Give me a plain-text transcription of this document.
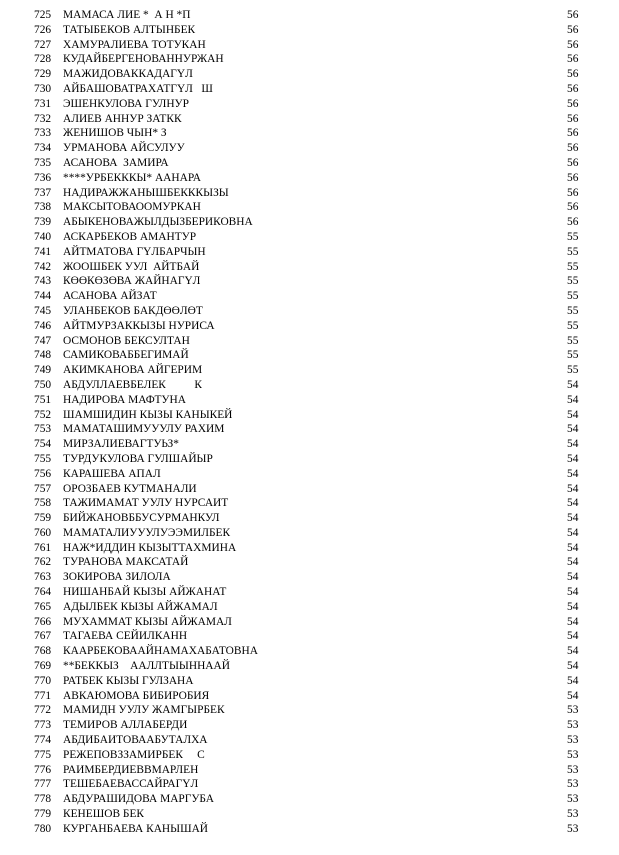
725 МАМАСА ЛИЕ *  А Н *П	56
726 ТАТЫБЕКОВ АЛТЫНБЕК	56
727 ХАМУРАЛИЕВА ТОТУКАН	56
728 КУДАЙБЕРГЕНОВАННУРЖАН	56
729 МАЖИДОВАККАДАГҮЛ	56
730 АЙБАШОВАТРАХАТГҮЛ   Ш	56
731 ЭШЕНКУЛОВА ГУЛНУР	56
732 АЛИЕВ АННУР ЗАТКК	56
733 ЖЕНИШОВ ЧЫН* З	56
734 УРМАНОВА АЙСУЛУУ	56
735 АСАНОВА  ЗАМИРА	56
736 ****УРБЕКККЫ* ААНАРА	56
737 НАДИРАЖЖАНЫШБЕКККЫЗЫ	56
738 МАКСЫТОВАООМУРКАН	56
739 АБЫКЕНОВАЖЫЛДЫЗБЕРИКОВНА	56
740 АСКАРБЕКОВ АМАНТУР	55
741 АЙТМАТОВА ГҮЛБАРЧЫН	55
742 ЖООШБЕК УУЛ  АЙТБАЙ	55
743 КӨӨКӨЗӨВА ЖАЙНАГҮЛ	55
744 АСАНОВА АЙЗАТ	55
745 УЛАНБЕКОВ БАКДӨӨЛӨТ	55
746 АЙТМУРЗАККЫЗЫ НУРИСА	55
747 ОСМОНОВ БЕКСУЛТАН	55
748 САМИКОВАББЕГИМАЙ	55
749 АКИМКАНОВА АЙГЕРИМ	55
750 АБДУЛЛАЕВБЕЛЕК          К	54
751 НАДИРОВА МАФТУНА	54
752 ШАМШИДИН КЫЗЫ КАНЫКЕЙ	54
753 МАМАТАШИМУУУЛУ РАХИМ	54
754 МИРЗАЛИЕВАГТУЬЗ*	54
755 ТУРДУКУЛОВА ГУЛШАЙЫР	54
756 КАРАШЕВА АПАЛ	54
757 ОРОЗБАЕВ КУТМАНАЛИ	54
758 ТАЖИМАМАТ УУЛУ НУРСАИТ	54
759 БИЙЖАНОВББУСУРМАНКУЛ	54
760 МАМАТАЛИУУУЛУЭЭМИЛБЕК	54
761 НАЖ*ИДДИН КЫЗЫТТАХМИНА	54
762 ТУРАНОВА МАКСАТАЙ	54
763 ЗОКИРОВА ЗИЛОЛА	54
764 НИШАНБАЙ КЫЗЫ АЙЖАНАТ	54
765 АДЫЛБЕК КЫЗЫ АЙЖАМАЛ	54
766 МУХАММАТ КЫЗЫ АЙЖАМАЛ	54
767 ТАГАЕВА СЕЙИЛКАНН	54
768 КААРБЕКОВААЙНАМАХАБАТОВНА	54
769 **БЕККЫЗ    ААЛЛТЫЫННААЙ	54
770 РАТБЕК КЫЗЫ ГУЛЗАНА	54
771 АВКАЮМОВА БИБИРОБИЯ	54
772 МАМИДН УУЛУ ЖАМГЫРБЕК	53
773 ТЕМИРОВ АЛЛАБЕРДИ	53
774 АБДИБАИТОВААБУТАЛХА	53
775 РЕЖЕПОВЗЗАМИРБЕК     С	53
776 РАИМБЕРДИЕВВМАРЛЕН	53
777 ТЕШЕБАЕВАССАЙРАГҮЛ	53
778 АБДУРАШИДОВА МАРГУБА	53
779 КЕНЕШОВ БЕК	53
780 КУРГАНБАЕВА КАНЫШАЙ	53
